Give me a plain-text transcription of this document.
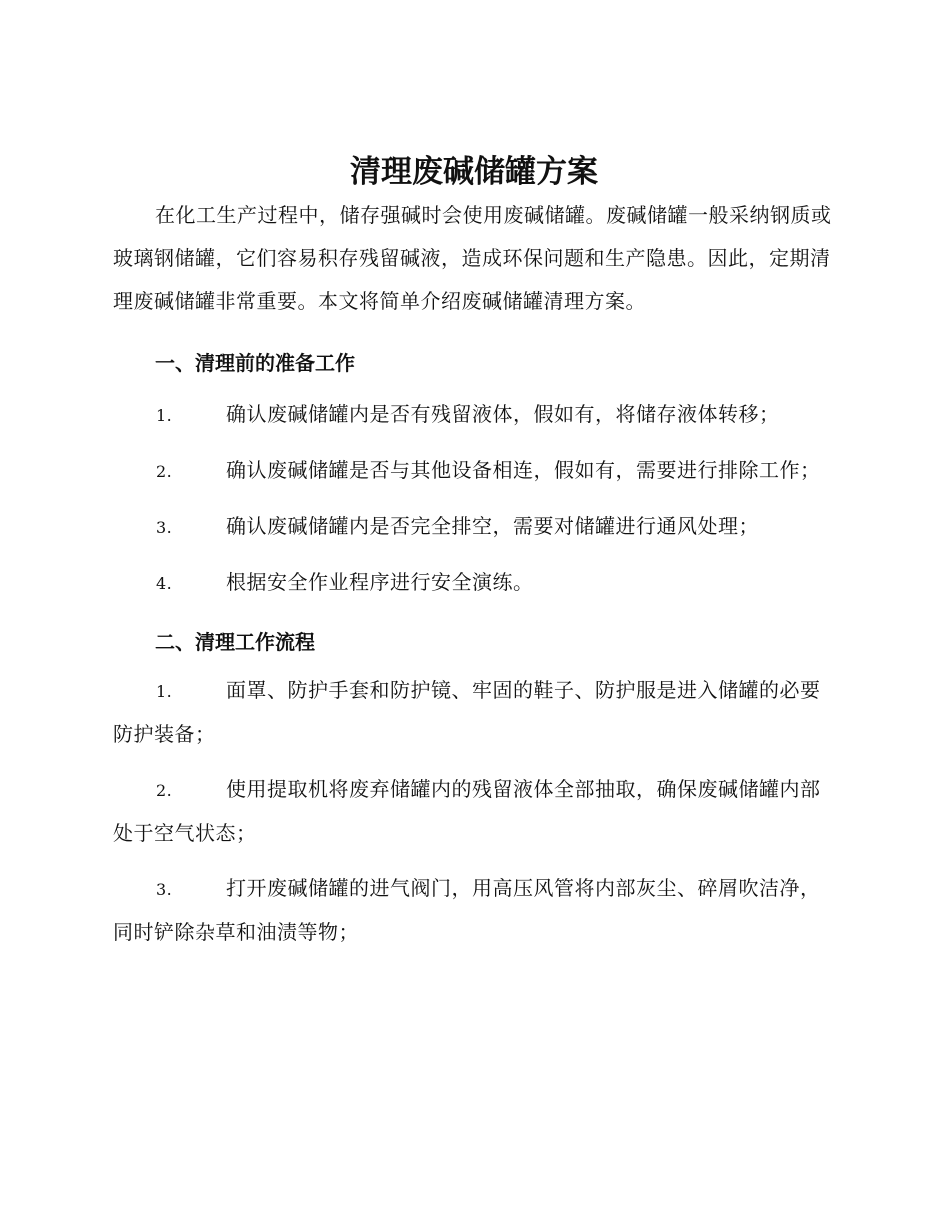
清理废碱储罐方案

在化工生产过程中，储存强碱时会使用废碱储罐。废碱储罐一般采纳钢质或玻璃钢储罐，它们容易积存残留碱液，造成环保问题和生产隐患。因此，定期清理废碱储罐非常重要。本文将简单介绍废碱储罐清理方案。

一、清理前的准备工作

1.	确认废碱储罐内是否有残留液体，假如有，将储存液体转移；

2.	确认废碱储罐是否与其他设备相连，假如有，需要进行排除工作；

3.	确认废碱储罐内是否完全排空，需要对储罐进行通风处理；

4.	根据安全作业程序进行安全演练。

二、清理工作流程

1.	面罩、防护手套和防护镜、牢固的鞋子、防护服是进入储罐的必要防护装备；

2.	使用提取机将废弃储罐内的残留液体全部抽取，确保废碱储罐内部处于空气状态；

3.	打开废碱储罐的进气阀门，用高压风管将内部灰尘、碎屑吹洁净，同时铲除杂草和油渍等物；
